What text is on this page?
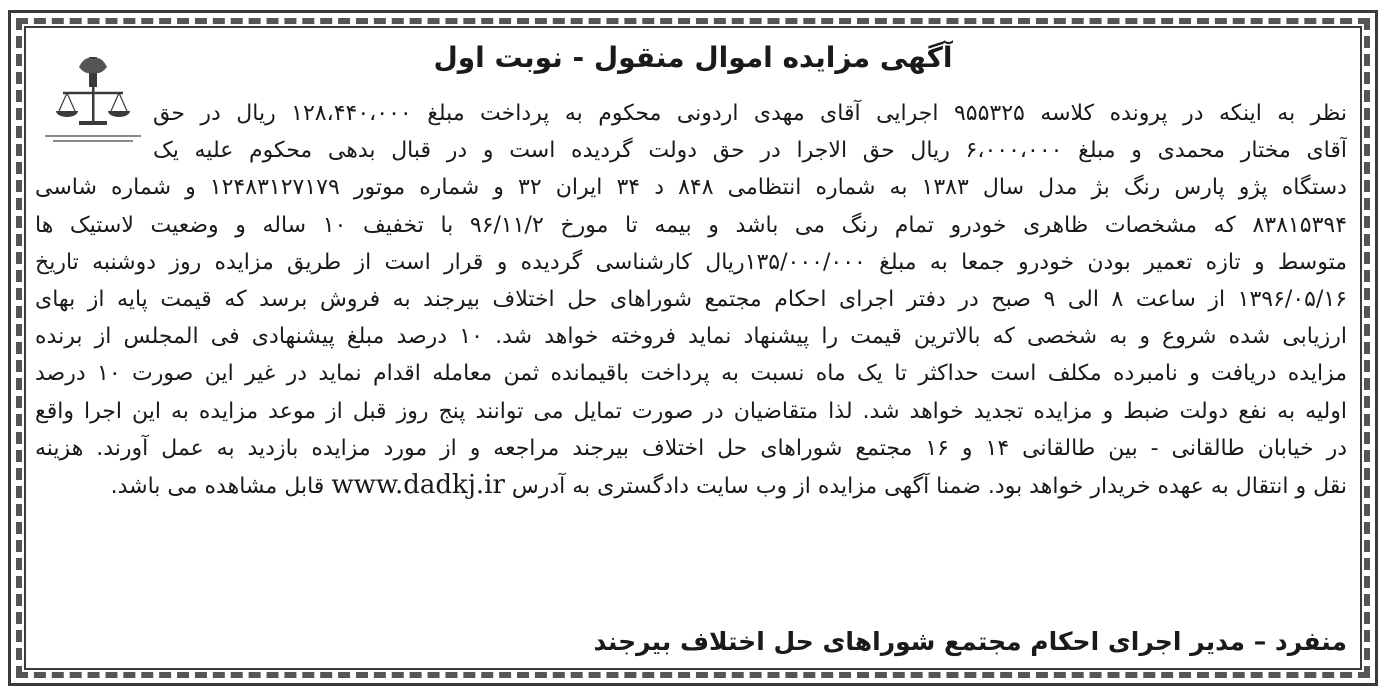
آگهی مزایده اموال منقول - نوبت اول
نظر به اینکه در پرونده کلاسه ۹۵۵۳۲۵ اجرایی آقای مهدی اردونی محکوم به پرداخت مبلغ ۱۲۸،۴۴۰،۰۰۰ ریال در حق
آقای مختار محمدی و مبلغ ۶،۰۰۰،۰۰۰ ریال حق الاجرا در حق دولت گردیده است و در قبال بدهی محکوم علیه یک
دستگاه پژو پارس رنگ بژ مدل سال ۱۳۸۳ به شماره انتظامی ۸۴۸ د ۳۴ ایران ۳۲ و شماره موتور ۱۲۴۸۳۱۲۷۱۷۹ و شماره شاسی
۸۳۸۱۵۳۹۴ که مشخصات ظاهری خودرو تمام رنگ می باشد و بیمه تا مورخ ۹۶/۱۱/۲ با تخفیف ۱۰ ساله و وضعیت لاستیک ها
متوسط و تازه تعمیر بودن خودرو جمعا به مبلغ ۱۳۵/۰۰۰/۰۰۰ریال کارشناسی گردیده و قرار است از طریق مزایده روز دوشنبه تاریخ
۱۳۹۶/۰۵/۱۶ از ساعت ۸ الی ۹ صبح در دفتر اجرای احکام مجتمع شوراهای حل اختلاف بیرجند به فروش برسد که قیمت پایه از بهای
ارزیابی شده شروع و به شخصی که بالاترین قیمت را پیشنهاد نماید فروخته خواهد شد. ۱۰ درصد مبلغ پیشنهادی فی المجلس از برنده
مزایده دریافت و نامبرده مکلف است حداکثر تا یک ماه نسبت به پرداخت باقیمانده ثمن معامله اقدام نماید در غیر این صورت ۱۰ درصد
اولیه به نفع دولت ضبط و مزایده تجدید خواهد شد. لذا متقاضیان در صورت تمایل می توانند پنج روز قبل از موعد مزایده به این اجرا واقع
در خیابان طالقانی - بین طالقانی ۱۴ و ۱۶ مجتمع شوراهای حل اختلاف بیرجند مراجعه و از مورد مزایده بازدید به عمل آورند. هزینه
نقل و انتقال به عهده خریدار خواهد بود. ضمنا آگهی مزایده از وب سایت دادگستری به آدرس www.dadkj.ir قابل مشاهده می باشد.
منفرد – مدیر اجرای احکام مجتمع شوراهای حل اختلاف بیرجند
